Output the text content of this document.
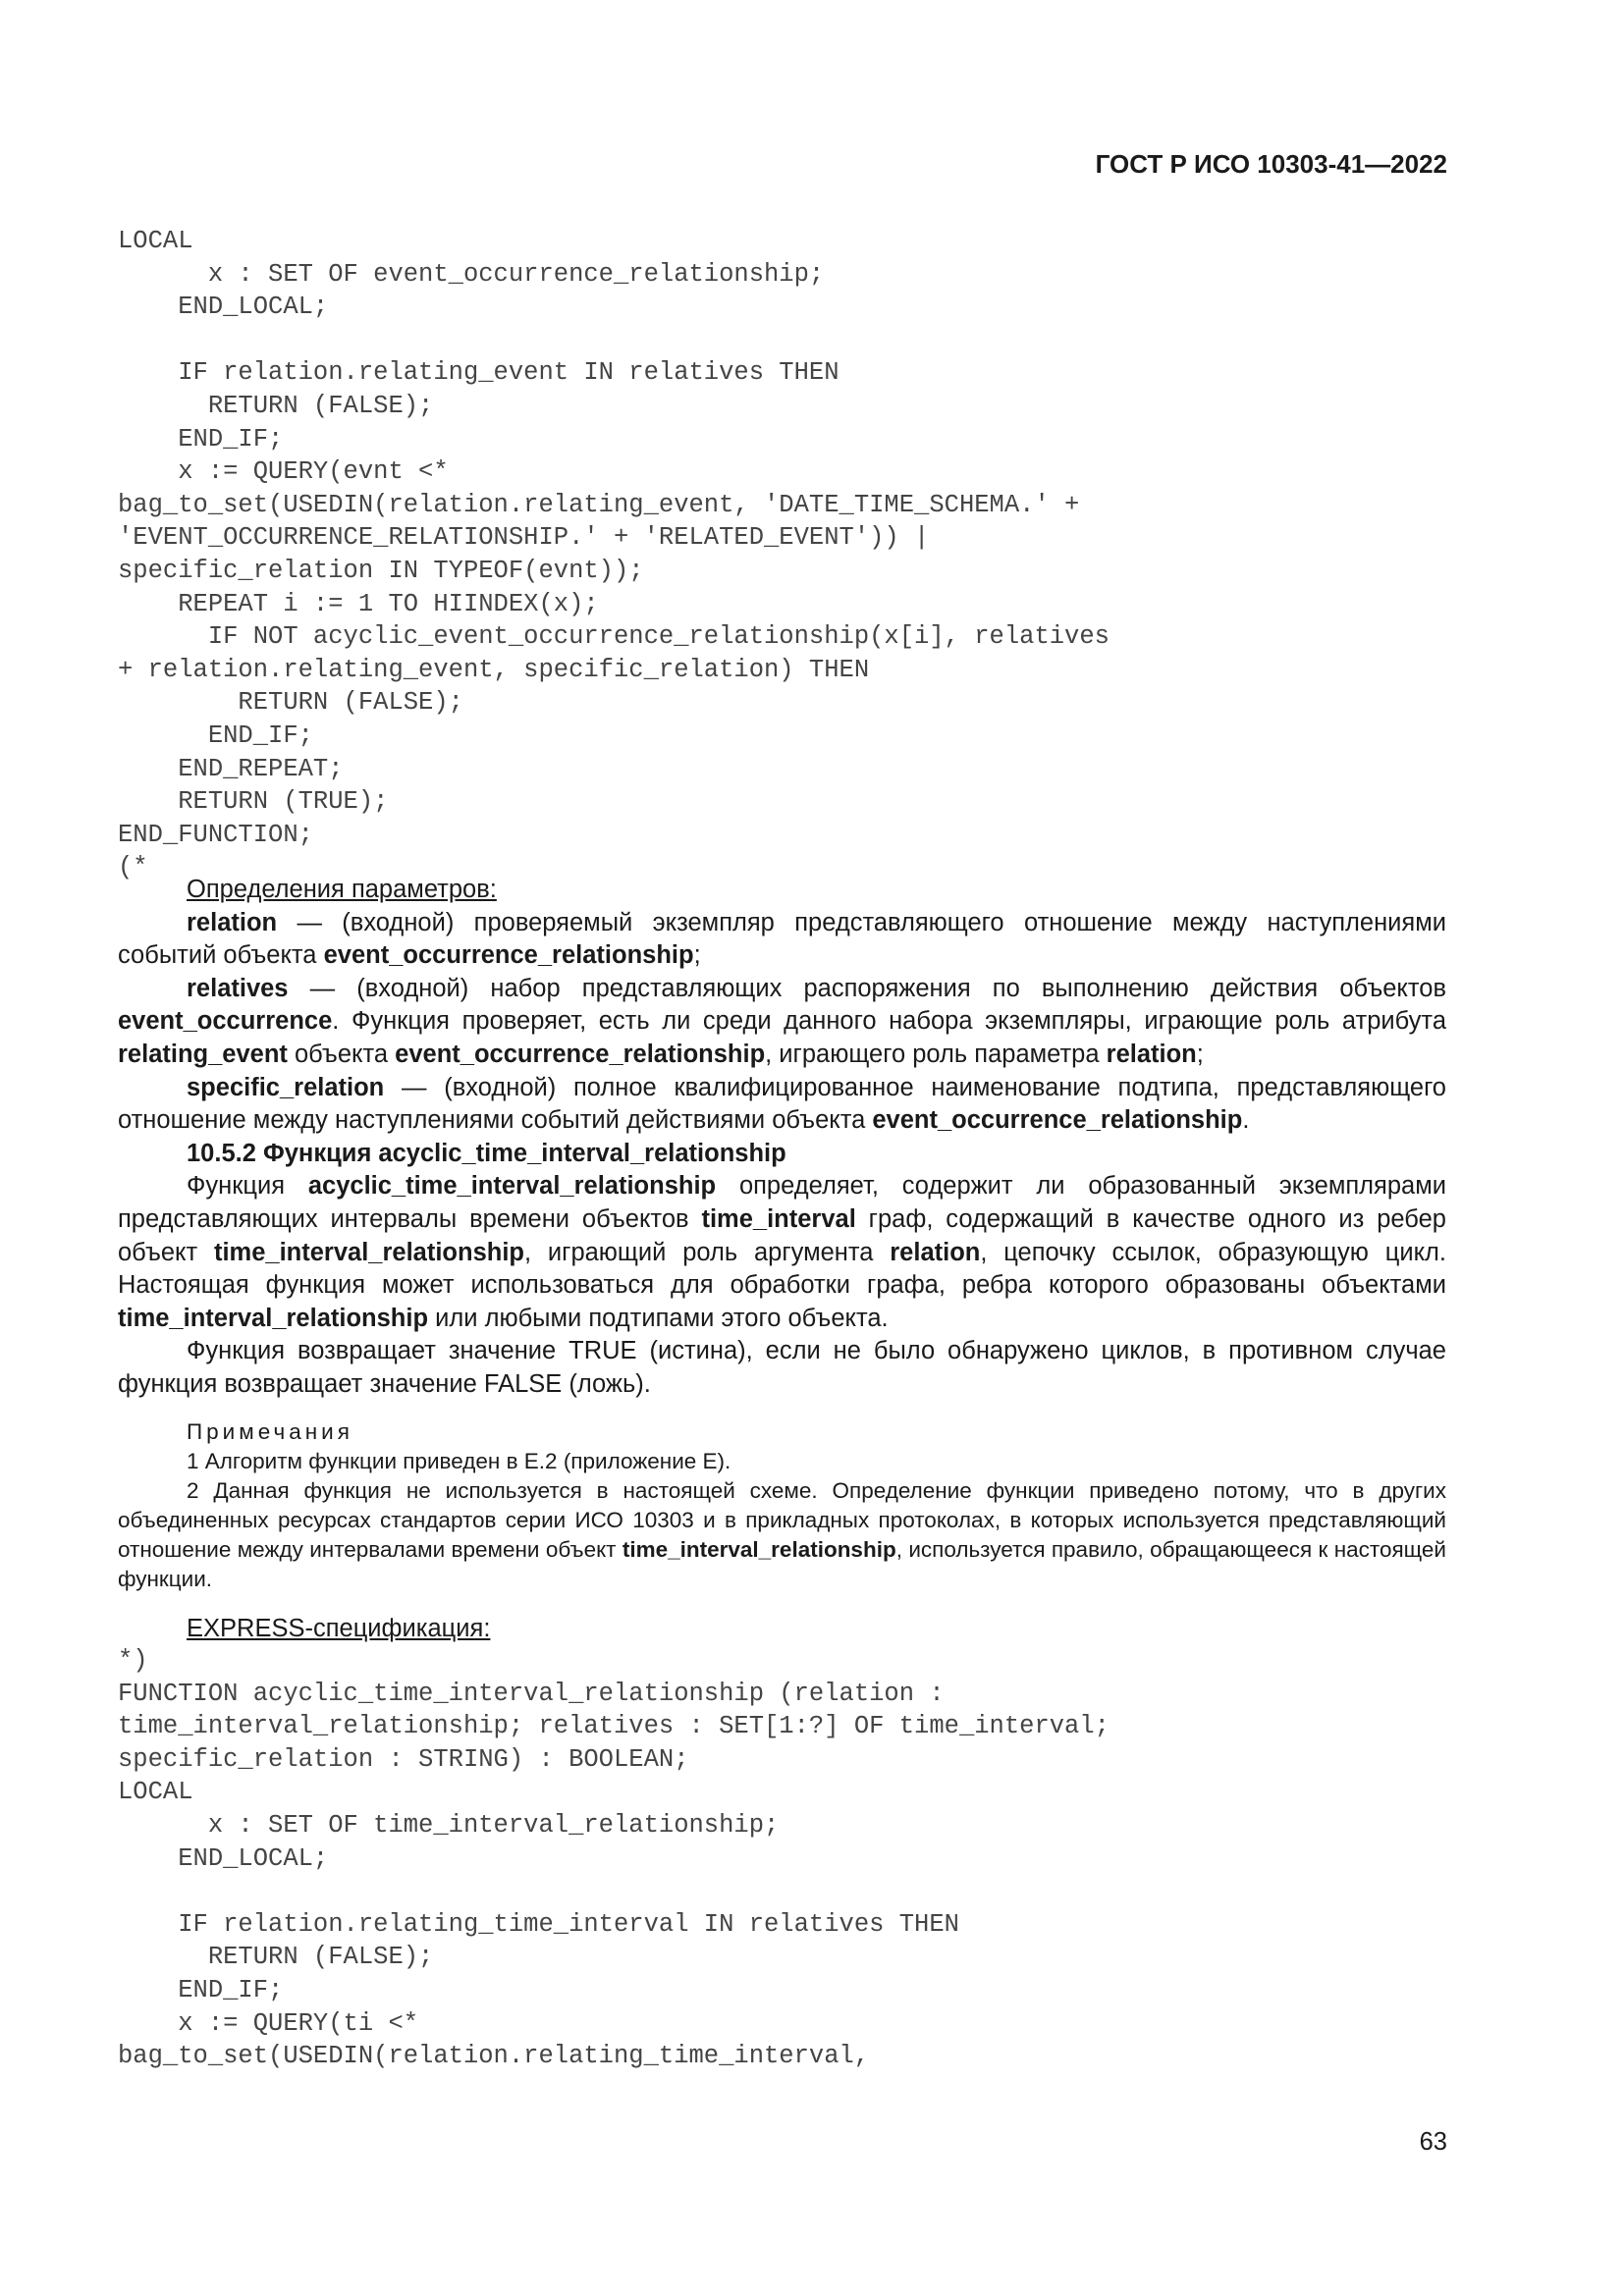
ГОСТ Р ИСО 10303-41—2022
LOCAL
x : SET OF event_occurrence_relationship;
END_LOCAL;

IF relation.relating_event IN relatives THEN
RETURN (FALSE);
END_IF;
x := QUERY(evnt <*
bag_to_set(USEDIN(relation.relating_event, 'DATE_TIME_SCHEMA.' +
'EVENT_OCCURRENCE_RELATIONSHIP.' + 'RELATED_EVENT')) |
specific_relation IN TYPEOF(evnt));
REPEAT i := 1 TO HIINDEX(x);
IF NOT acyclic_event_occurrence_relationship(x[i], relatives
+ relation.relating_event, specific_relation) THEN
RETURN (FALSE);
END_IF;
END_REPEAT;
RETURN (TRUE);
END_FUNCTION;
(*

Определения параметров:

relation — (входной) проверяемый экземпляр представляющего отношение между наступлениями событий объекта event_occurrence_relationship;

relatives — (входной) набор представляющих распоряжения по выполнению действия объектов event_occurrence. Функция проверяет, есть ли среди данного набора экземпляры, играющие роль атрибута relating_event объекта event_occurrence_relationship, играющего роль параметра relation;

specific_relation — (входной) полное квалифицированное наименование подтипа, представляющего отношение между наступлениями событий действиями объекта event_occurrence_relationship.

10.5.2 Функция acyclic_time_interval_relationship

Функция acyclic_time_interval_relationship определяет, содержит ли образованный экземплярами представляющих интервалы времени объектов time_interval граф, содержащий в качестве одного из ребер объект time_interval_relationship, играющий роль аргумента relation, цепочку ссылок, образующую цикл. Настоящая функция может использоваться для обработки графа, ребра которого образованы объектами time_interval_relationship или любыми подтипами этого объекта.

Функция возвращает значение TRUE (истина), если не было обнаружено циклов, в противном случае функция возвращает значение FALSE (ложь).

Примечания

1 Алгоритм функции приведен в Е.2 (приложение Е).

2 Данная функция не используется в настоящей схеме. Определение функции приведено потому, что в других объединенных ресурсах стандартов серии ИСО 10303 и в прикладных протоколах, в которых используется представляющий отношение между интервалами времени объект time_interval_relationship, используется правило, обращающееся к настоящей функции.

EXPRESS-спецификация:
*)
FUNCTION acyclic_time_interval_relationship (relation :
time_interval_relationship; relatives : SET[1:?] OF time_interval;
specific_relation : STRING) : BOOLEAN;
LOCAL
x : SET OF time_interval_relationship;
END_LOCAL;

IF relation.relating_time_interval IN relatives THEN
RETURN (FALSE);
END_IF;
x := QUERY(ti <*
bag_to_set(USEDIN(relation.relating_time_interval,
63
